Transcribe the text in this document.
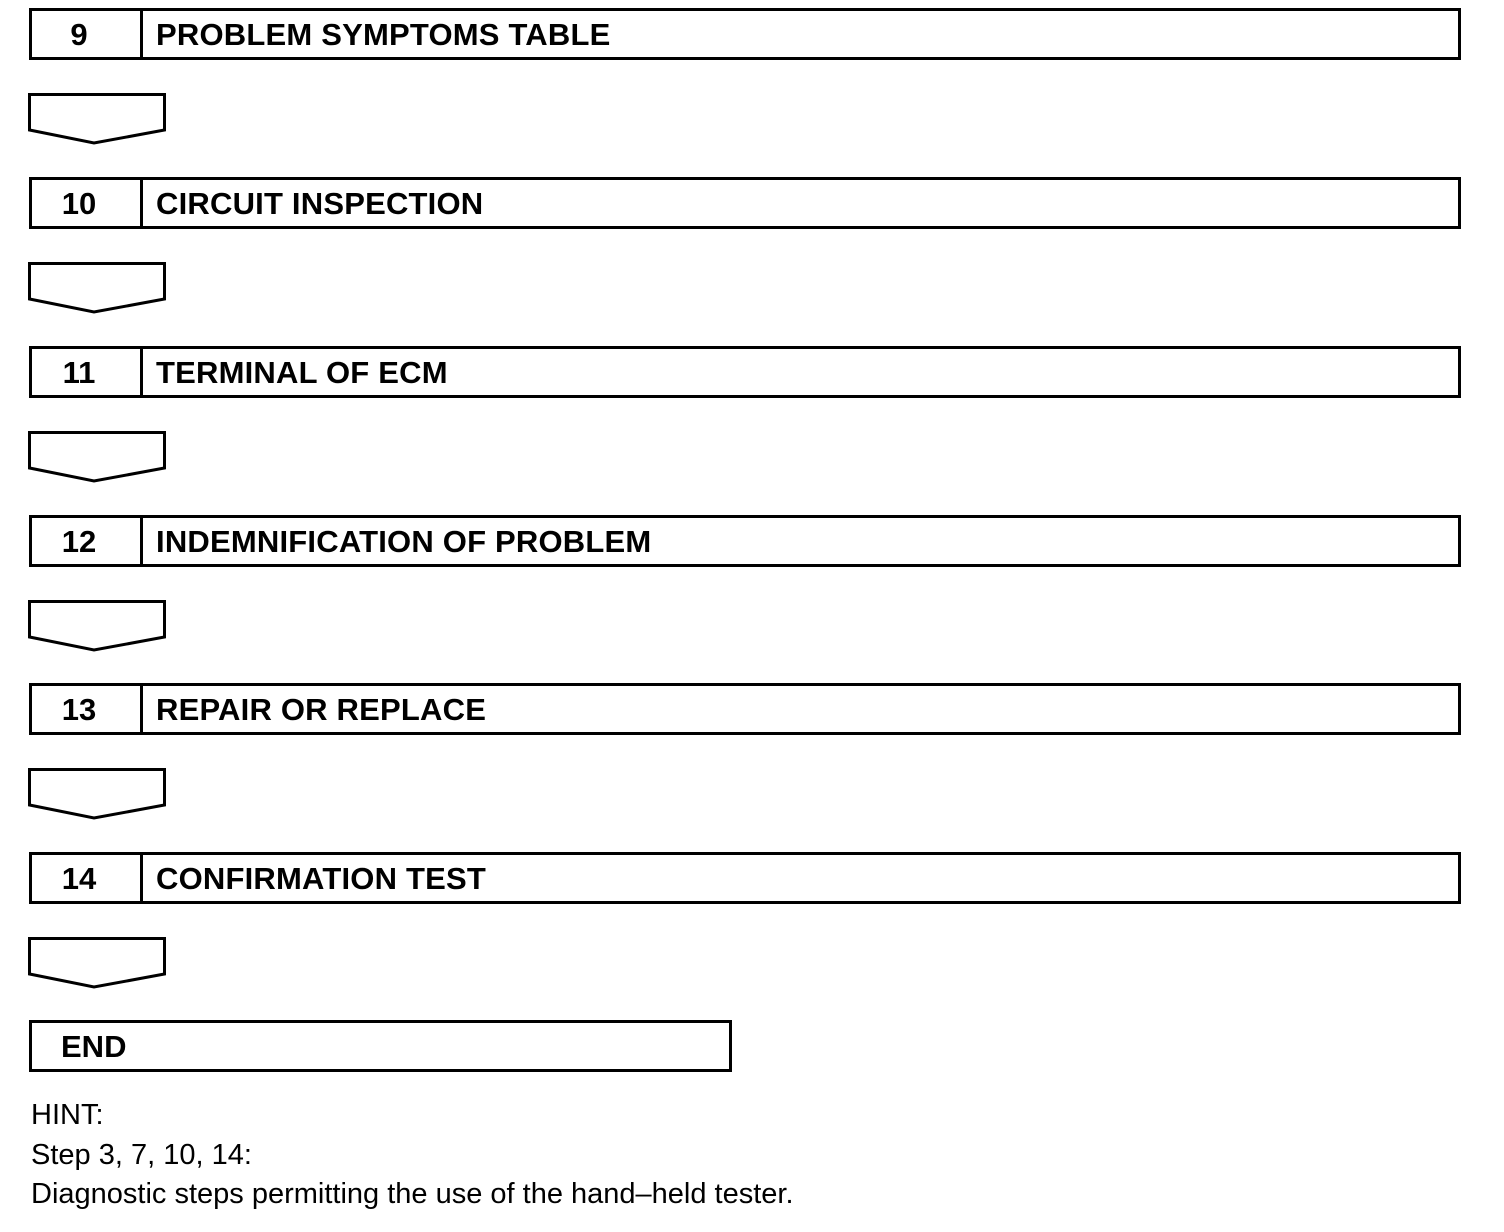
9	PROBLEM SYMPTOMS TABLE
10	CIRCUIT INSPECTION
11	TERMINAL OF ECM
12	INDEMNIFICATION OF PROBLEM
13	REPAIR OR REPLACE
14	CONFIRMATION TEST
END
HINT:
Step 3, 7, 10, 14:
Diagnostic steps permitting the use of the hand–held tester.
